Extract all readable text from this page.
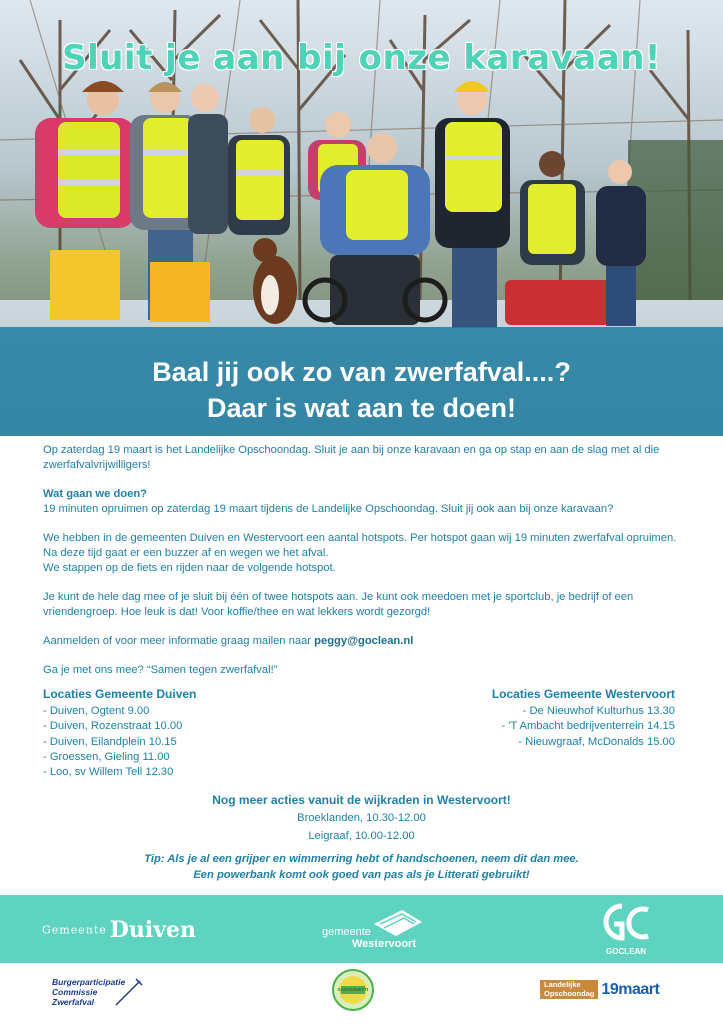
Sluit je aan bij onze karavaan!
Baal jij ook zo van zwerfafval....?
Daar is wat aan te doen!

Op zaterdag 19 maart is het Landelijke Opschoondag. Sluit je aan bij onze karavaan en ga op stap en aan de slag met al die zwerfafvalvrijwilligers!

Wat gaan we doen?
19 minuten opruimen op zaterdag 19 maart tijdens de Landelijke Opschoondag. Sluit jij ook aan bij onze karavaan?

We hebben in de gemeenten Duiven en Westervoort een aantal hotspots. Per hotspot gaan wij 19 minuten zwerfafval opruimen. Na deze tijd gaat er een buzzer af en wegen we het afval.
We stappen op de fiets en rijden naar de volgende hotspot.

Je kunt de hele dag mee of je sluit bij één of twee hotspots aan. Je kunt ook meedoen met je sportclub, je bedrijf of een vriendengroep. Hoe leuk is dat! Voor koffie/thee en wat lekkers wordt gezorgd!

Aanmelden of voor meer informatie graag mailen naar peggy@goclean.nl

Ga je met ons mee? “Samen tegen zwerfafval!”

Locaties Gemeente Duiven
- Duiven, Ogtent 9.00
- Duiven, Rozenstraat 10.00
- Duiven, Eilandplein 10.15
- Groessen, Gieling 11.00
- Loo, sv Willem Tell 12.30
Locaties Gemeente Westervoort
- De Nieuwhof Kulturhus 13.30
- 'T Ambacht bedrijventerrein 14.15
- Nieuwgraaf, McDonalds 15.00
Nog meer acties vanuit de wijkraden in Westervoort!
Broeklanden, 10.30-12.00
Leigraaf, 10.00-12.00
Tip: Als je al een grijper en wimmerring hebt of handschoenen, neem dit dan mee.
Een powerbank komt ook goed van pas als je Litterati gebruikt!
Gemeente Duiven	gemeente
Westervoort
GOCLEAN
Burgerparticipatie
Commissie
Zwerfafval
SANGUINETTI
Landelijke
Opschoondag 19maart
